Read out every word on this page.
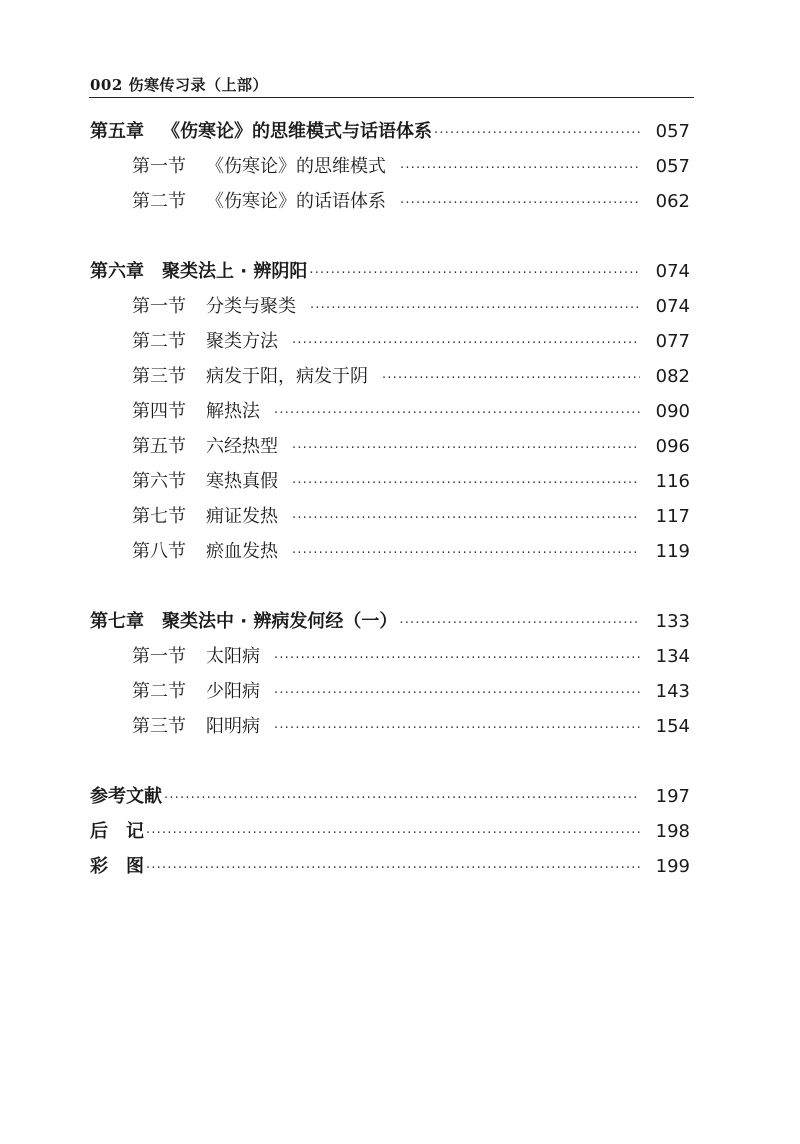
002 伤寒传习录（上部）
第五章 《伤寒论》的思维模式与话语体系 ·····	057
第一节 《伤寒论》的思维模式 ·····	057
第二节 《伤寒论》的话语体系 ·····	062
第六章 聚类法上 · 辨阴阳 ·····	074
第一节 分类与聚类 ·····	074
第二节 聚类方法 ·····	077
第三节 病发于阳，病发于阴 ·····	082
第四节 解热法 ·····	090
第五节 六经热型 ·····	096
第六节 寒热真假 ·····	116
第七节 痈证发热 ·····	117
第八节 瘀血发热 ·····	119
第七章 聚类法中 · 辨病发何经（一） ·····	133
第一节 太阳病 ·····	134
第二节 少阳病 ·····	143
第三节 阳明病 ·····	154
参考文献 ·····	197
后　记 ·····	198
彩　图 ·····	199
